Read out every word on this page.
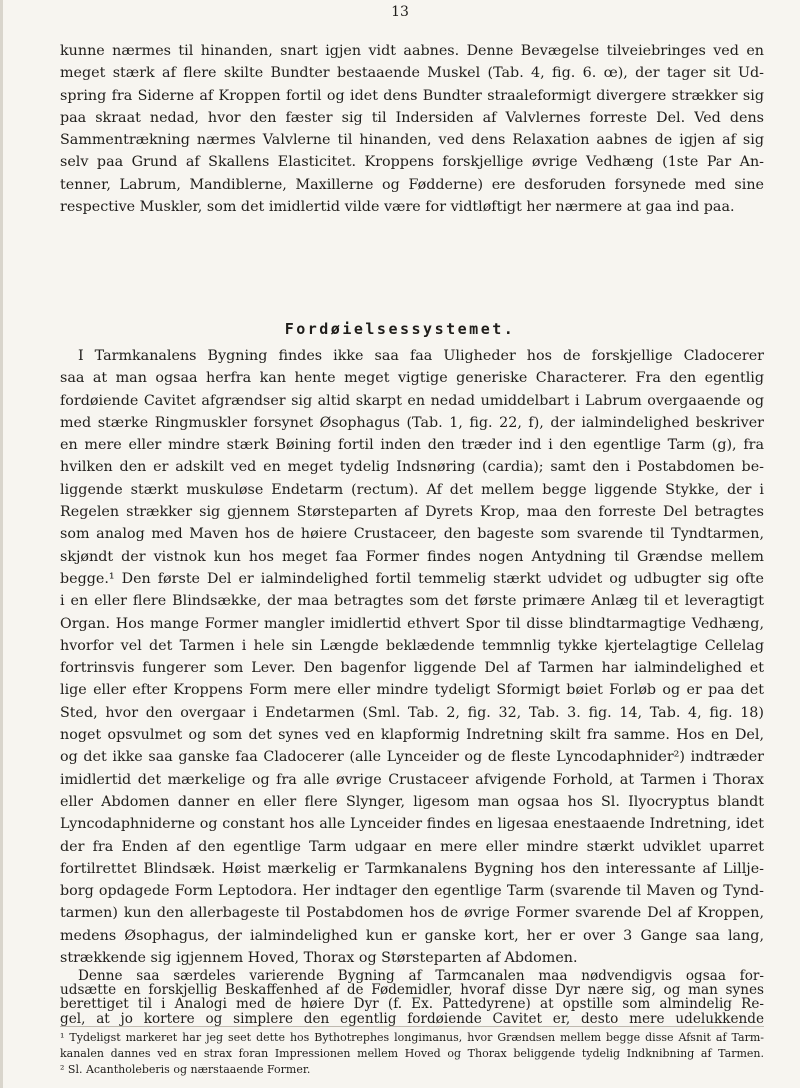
13

kunne nærmes til hinanden, snart igjen vidt aabnes. Denne Bevægelse tilveiebringes ved en
meget stærk af flere skilte Bundter bestaaende Muskel (Tab. 4, fig. 6. œ), der tager sit Ud-
spring fra Siderne af Kroppen fortil og idet dens Bundter straaleformigt divergere strækker sig
paa skraat nedad, hvor den fæster sig til Indersiden af Valvlernes forreste Del. Ved dens
Sammentrækning nærmes Valvlerne til hinanden, ved dens Relaxation aabnes de igjen af sig
selv paa Grund af Skallens Elasticitet. Kroppens forskjellige øvrige Vedhæng (1ste Par An-
tenner, Labrum, Mandiblerne, Maxillerne og Fødderne) ere desforuden forsynede med sine
respective Muskler, som det imidlertid vilde være for vidtløftigt her nærmere at gaa ind paa.

Fordøielsessystemet.

I Tarmkanalens Bygning findes ikke saa faa Uligheder hos de forskjellige Cladocerer
saa at man ogsaa herfra kan hente meget vigtige generiske Characterer. Fra den egentlig
fordøiende Cavitet afgrændser sig altid skarpt en nedad umiddelbart i Labrum overgaaende og
med stærke Ringmuskler forsynet Øsophagus (Tab. 1, fig. 22, f), der ialmindelighed beskriver
en mere eller mindre stærk Bøining fortil inden den træder ind i den egentlige Tarm (g), fra
hvilken den er adskilt ved en meget tydelig Indsnøring (cardia); samt den i Postabdomen be-
liggende stærkt muskuløse Endetarm (rectum). Af det mellem begge liggende Stykke, der i
Regelen strækker sig gjennem Størsteparten af Dyrets Krop, maa den forreste Del betragtes
som analog med Maven hos de høiere Crustaceer, den bageste som svarende til Tyndtarmen,
skjøndt der vistnok kun hos meget faa Former findes nogen Antydning til Grændse mellem
begge.¹ Den første Del er ialmindelighed fortil temmelig stærkt udvidet og udbugter sig ofte
i en eller flere Blindsække, der maa betragtes som det første primære Anlæg til et leveragtigt
Organ. Hos mange Former mangler imidlertid ethvert Spor til disse blindtarmagtige Vedhæng,
hvorfor vel det Tarmen i hele sin Længde beklædende temmnlig tykke kjertelagtige Cellelag
fortrinsvis fungerer som Lever. Den bagenfor liggende Del af Tarmen har ialmindelighed et
lige eller efter Kroppens Form mere eller mindre tydeligt Sformigt bøiet Forløb og er paa det
Sted, hvor den overgaar i Endetarmen (Sml. Tab. 2, fig. 32, Tab. 3. fig. 14, Tab. 4, fig. 18)
noget opsvulmet og som det synes ved en klapformig Indretning skilt fra samme. Hos en Del,
og det ikke saa ganske faa Cladocerer (alle Lynceider og de fleste Lyncodaphnider²) indtræder
imidlertid det mærkelige og fra alle øvrige Crustaceer afvigende Forhold, at Tarmen i Thorax
eller Abdomen danner en eller flere Slynger, ligesom man ogsaa hos Sl. Ilyocryptus blandt
Lyncodaphniderne og constant hos alle Lynceider findes en ligesaa enestaaende Indretning, idet
der fra Enden af den egentlige Tarm udgaar en mere eller mindre stærkt udviklet uparret
fortilrettet Blindsæk. Høist mærkelig er Tarmkanalens Bygning hos den interessante af Lillje-
borg opdagede Form Leptodora. Her indtager den egentlige Tarm (svarende til Maven og Tynd-
tarmen) kun den allerbageste til Postabdomen hos de øvrige Former svarende Del af Kroppen,
medens Øsophagus, der ialmindelighed kun er ganske kort, her er over 3 Gange saa lang,
strækkende sig igjennem Hoved, Thorax og Størsteparten af Abdomen.
Denne saa særdeles varierende Bygning af Tarmcanalen maa nødvendigvis ogsaa for-
udsætte en forskjellig Beskaffenhed af de Fødemidler, hvoraf disse Dyr nære sig, og man synes
berettiget til i Analogi med de høiere Dyr (f. Ex. Pattedyrene) at opstille som almindelig Re-
gel, at jo kortere og simplere den egentlig fordøiende Cavitet er, desto mere udelukkende
¹ Tydeligst markeret har jeg seet dette hos Bythotrephes longimanus, hvor Grændsen mellem begge disse Afsnit af Tarm-
kanalen dannes ved en strax foran Impressionen mellem Hoved og Thorax beliggende tydelig Indknibning af Tarmen.
² Sl. Acantholeberis og nærstaaende Former.
